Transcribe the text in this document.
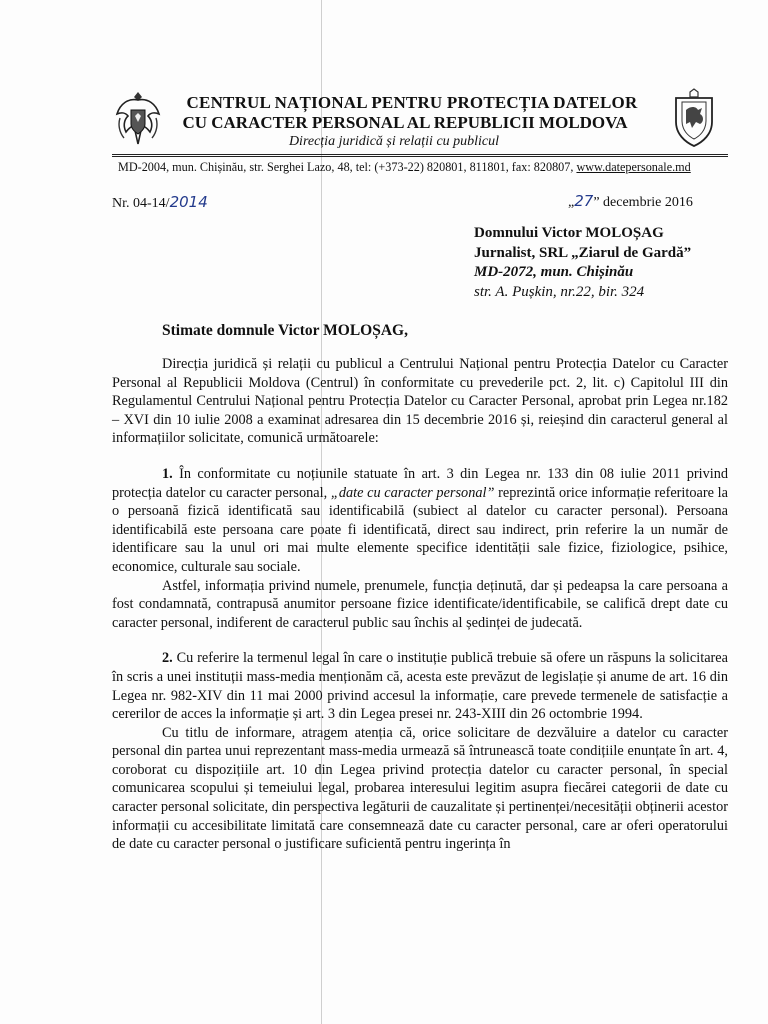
CENTRUL NAȚIONAL PENTRU PROTECȚIA DATELOR
CU CARACTER PERSONAL AL REPUBLICII MOLDOVA
Direcția juridică și relații cu publicul
MD-2004, mun. Chișinău, str. Serghei Lazo, 48, tel: (+373-22) 820801, 811801, fax: 820807, www.datepersonale.md
Nr. 04-14/2014	„27” decembrie 2016
Domnului Victor MOLOȘAG
Jurnalist, SRL „Ziarul de Gardă”
MD-2072, mun. Chișinău
str. A. Pușkin, nr.22, bir. 324
Stimate domnule Victor MOLOȘAG,

Direcția juridică și relații cu publicul a Centrului Național pentru Protecția Datelor cu Caracter Personal al Republicii Moldova (Centrul) în conformitate cu prevederile pct. 2, lit. c) Capitolul III din Regulamentul Centrului Național pentru Protecția Datelor cu Caracter Personal, aprobat prin Legea nr.182 – XVI din 10 iulie 2008 a examinat adresarea din 15 decembrie 2016 și, reieșind din caracterul general al informațiilor solicitate, comunică următoarele:

1. În conformitate cu noțiunile statuate în art. 3 din Legea nr. 133 din 08 iulie 2011 privind protecția datelor cu caracter personal, „date cu caracter personal” reprezintă orice informație referitoare la o persoană fizică identificată sau identificabilă (subiect al datelor cu caracter personal). Persoana identificabilă este persoana care poate fi identificată, direct sau indirect, prin referire la un număr de identificare sau la unul ori mai multe elemente specifice identității sale fizice, fiziologice, psihice, economice, culturale sau sociale.

Astfel, informația privind numele, prenumele, funcția deținută, dar și pedeapsa la care persoana a fost condamnată, contrapusă anumitor persoane fizice identificate/identificabile, se califică drept date cu caracter personal, indiferent de caracterul public sau închis al ședinței de judecată.

2. Cu referire la termenul legal în care o instituție publică trebuie să ofere un răspuns la solicitarea în scris a unei instituții mass-media menționăm că, acesta este prevăzut de legislație și anume de art. 16 din Legea nr. 982-XIV din 11 mai 2000 privind accesul la informație, care prevede termenele de satisfacție a cererilor de acces la informație și art. 3 din Legea presei nr. 243-XIII din 26 octombrie 1994.

Cu titlu de informare, atragem atenția că, orice solicitare de dezvăluire a datelor cu caracter personal din partea unui reprezentant mass-media urmează să întrunească toate condițiile enunțate în art. 4, coroborat cu dispozițiile art. 10 din Legea privind protecția datelor cu caracter personal, în special comunicarea scopului și temeiului legal, probarea interesului legitim asupra fiecărei categorii de date cu caracter personal solicitate, din perspectiva legăturii de cauzalitate și pertinenței/necesității obținerii acestor informații cu accesibilitate limitată care consemnează date cu caracter personal, care ar oferi operatorului de date cu caracter personal o justificare suficientă pentru ingerința în
